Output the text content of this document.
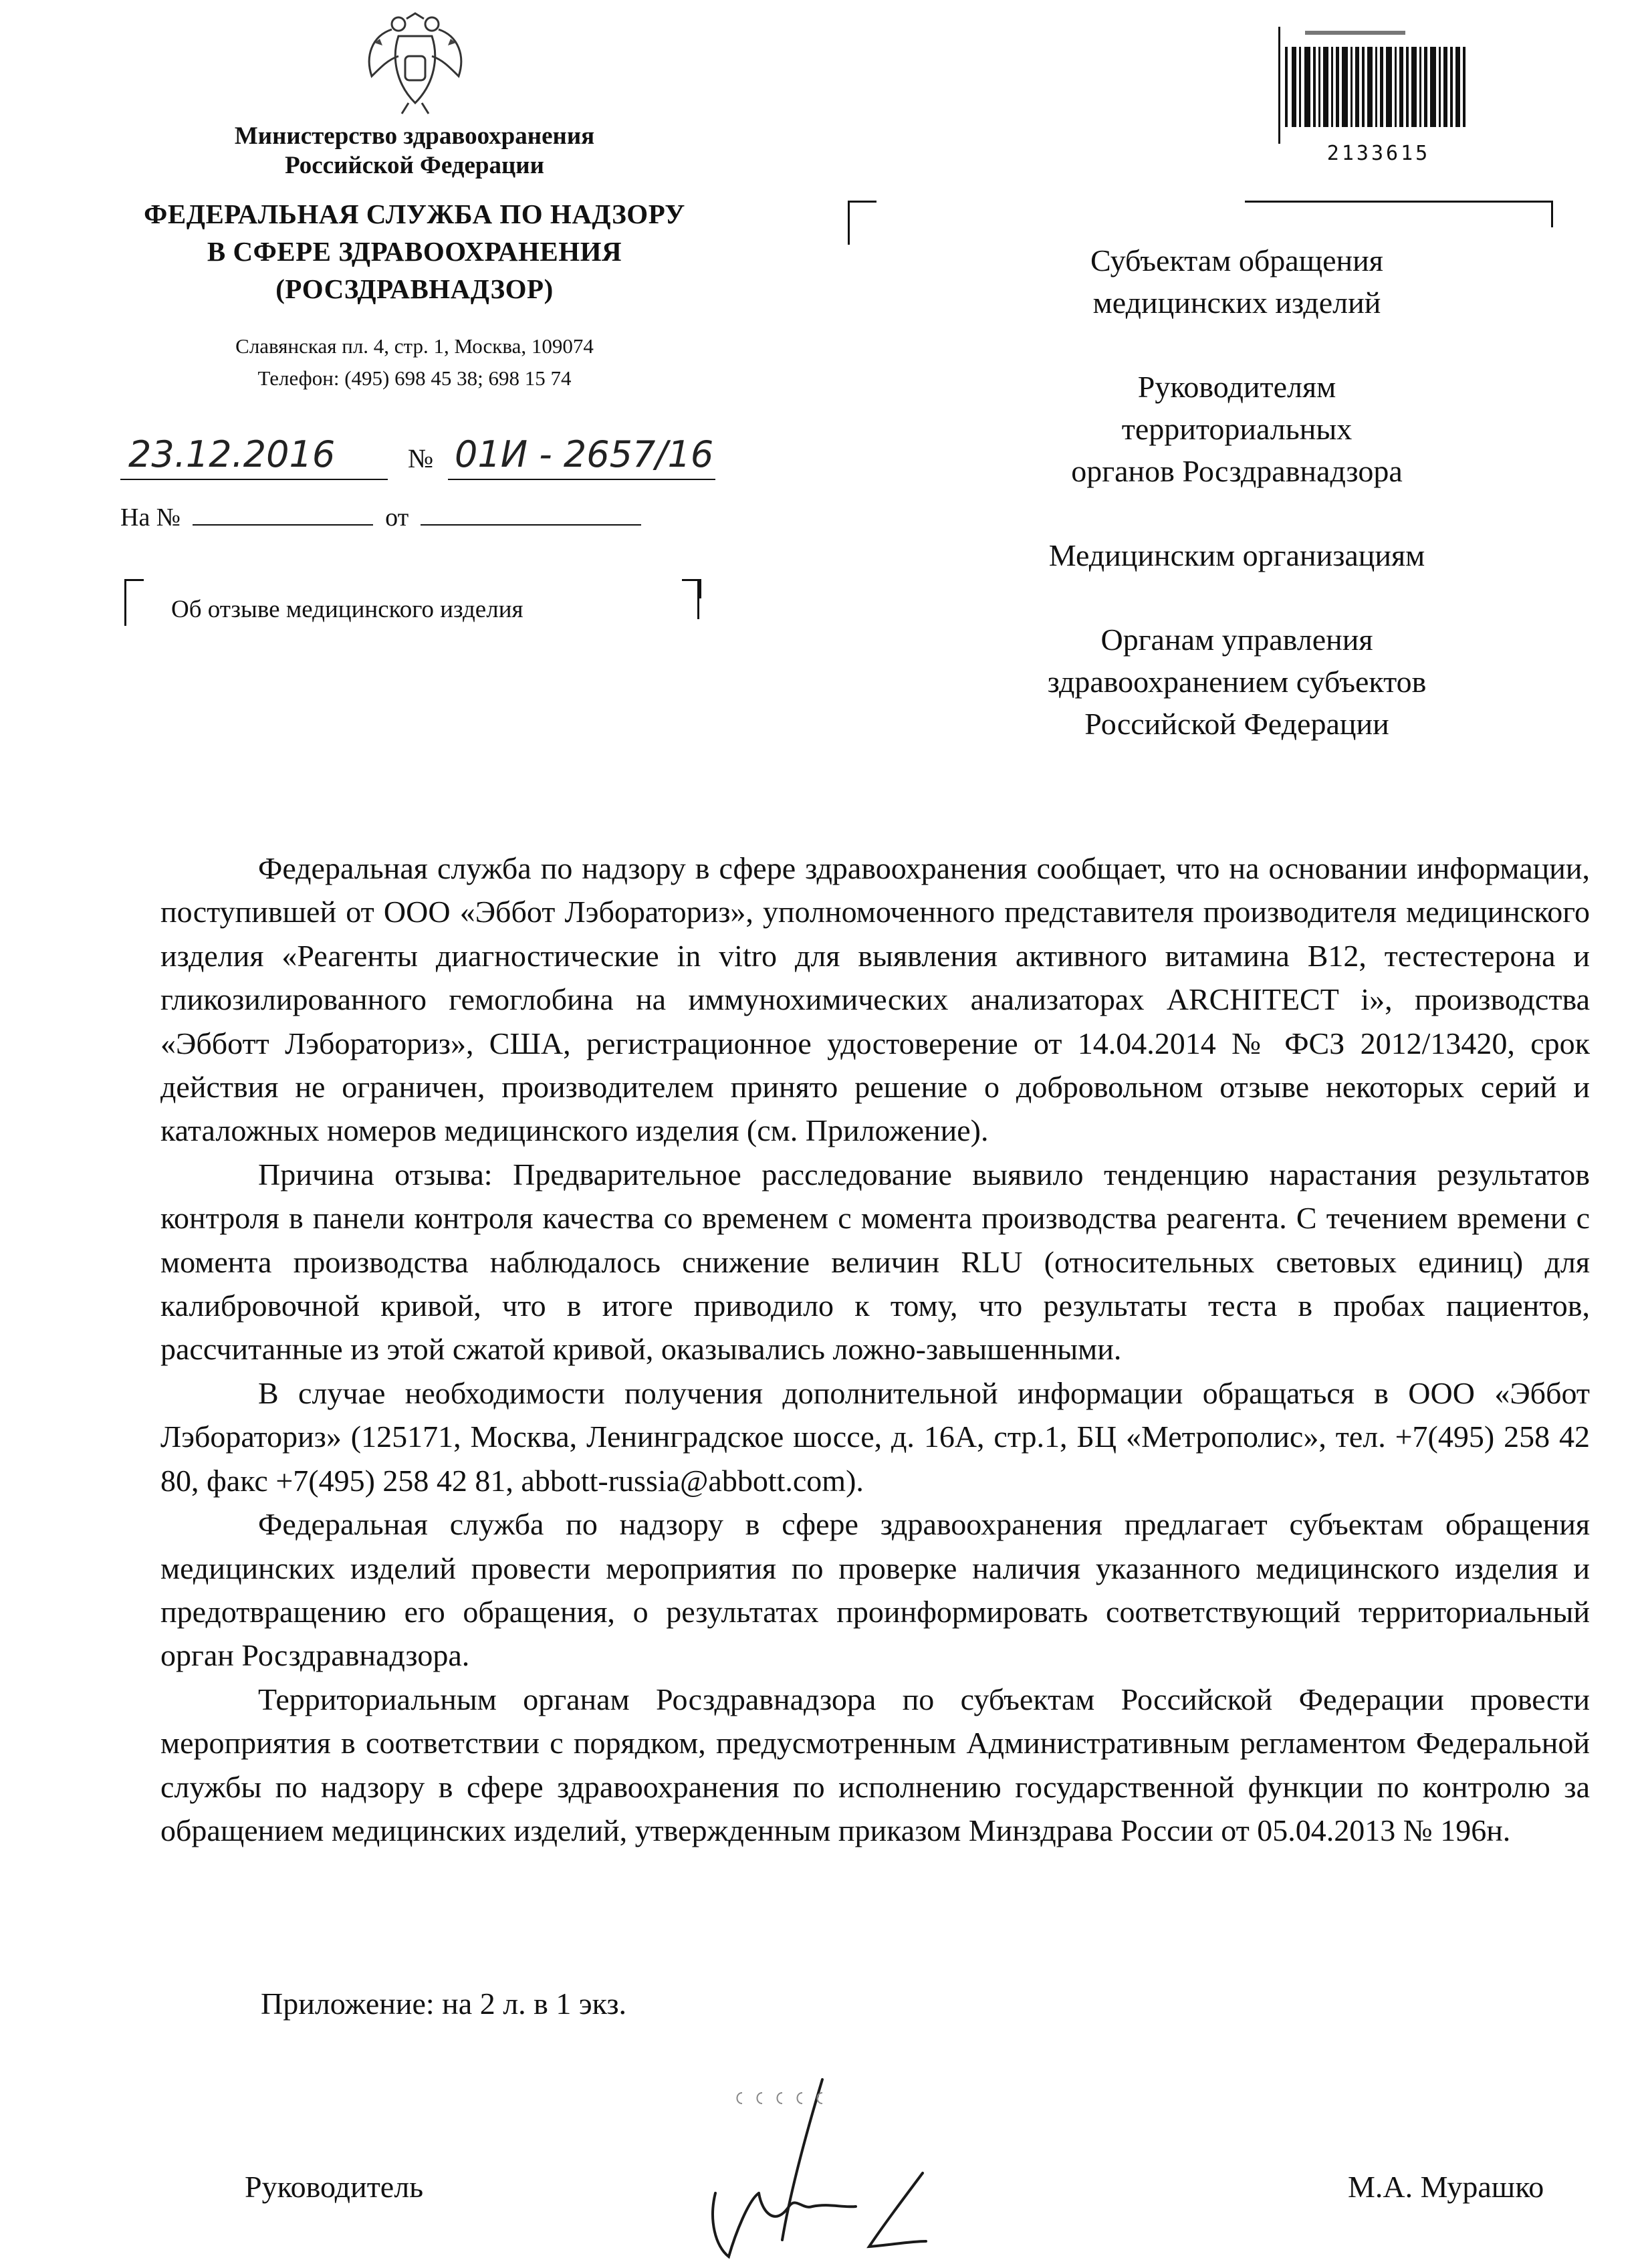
Министерство здравоохранения
Российской Федерации
ФЕДЕРАЛЬНАЯ СЛУЖБА ПО НАДЗОРУ
В СФЕРЕ ЗДРАВООХРАНЕНИЯ
(РОСЗДРАВНАДЗОР)
Славянская пл. 4, стр. 1, Москва, 109074
Телефон: (495) 698 45 38; 698 15 74
23.12.2016	№ 01И - 2657/16
На №	от
Об отзыве медицинского изделия
2133615
Субъектам обращения
медицинских изделий
Руководителям
территориальных
органов Росздравнадзора
Медицинским организациям
Органам управления
здравоохранением субъектов
Российской Федерации

Федеральная служба по надзору в сфере здравоохранения сообщает, что на основании информации, поступившей от ООО «Эббот Лэбораториз», уполномоченного представителя производителя медицинского изделия «Реагенты диагностические in vitro для выявления активного витамина B12, тестестерона и гликозилированного гемоглобина на иммунохимических анализаторах ARCHITECT i», производства «Эбботт Лэбораториз», США, регистрационное удостоверение от 14.04.2014 № ФСЗ 2012/13420, срок действия не ограничен, производителем принято решение о добровольном отзыве некоторых серий и каталожных номеров медицинского изделия (см. Приложение).

Причина отзыва: Предварительное расследование выявило тенденцию нарастания результатов контроля в панели контроля качества со временем с момента производства реагента. С течением времени с момента производства наблюдалось снижение величин RLU (относительных световых единиц) для калибровочной кривой, что в итоге приводило к тому, что результаты теста в пробах пациентов, рассчитанные из этой сжатой кривой, оказывались ложно-завышенными.

В случае необходимости получения дополнительной информации обращаться в ООО «Эббот Лэбораториз» (125171, Москва, Ленинградское шоссе, д. 16А, стр.1, БЦ «Метрополис», тел. +7(495) 258 42 80, факс +7(495) 258 42 81, abbott-russia@abbott.com).

Федеральная служба по надзору в сфере здравоохранения предлагает субъектам обращения медицинских изделий провести мероприятия по проверке наличия указанного медицинского изделия и предотвращению его обращения, о результатах проинформировать соответствующий территориальный орган Росздравнадзора.

Территориальным органам Росздравнадзора по субъектам Российской Федерации провести мероприятия в соответствии с порядком, предусмотренным Административным регламентом Федеральной службы по надзору в сфере здравоохранения по исполнению государственной функции по контролю за обращением медицинских изделий, утвержденным приказом Минздрава России от 05.04.2013 № 196н.

Приложение: на 2 л. в 1 экз.
Руководитель	М.А. Мурашко
